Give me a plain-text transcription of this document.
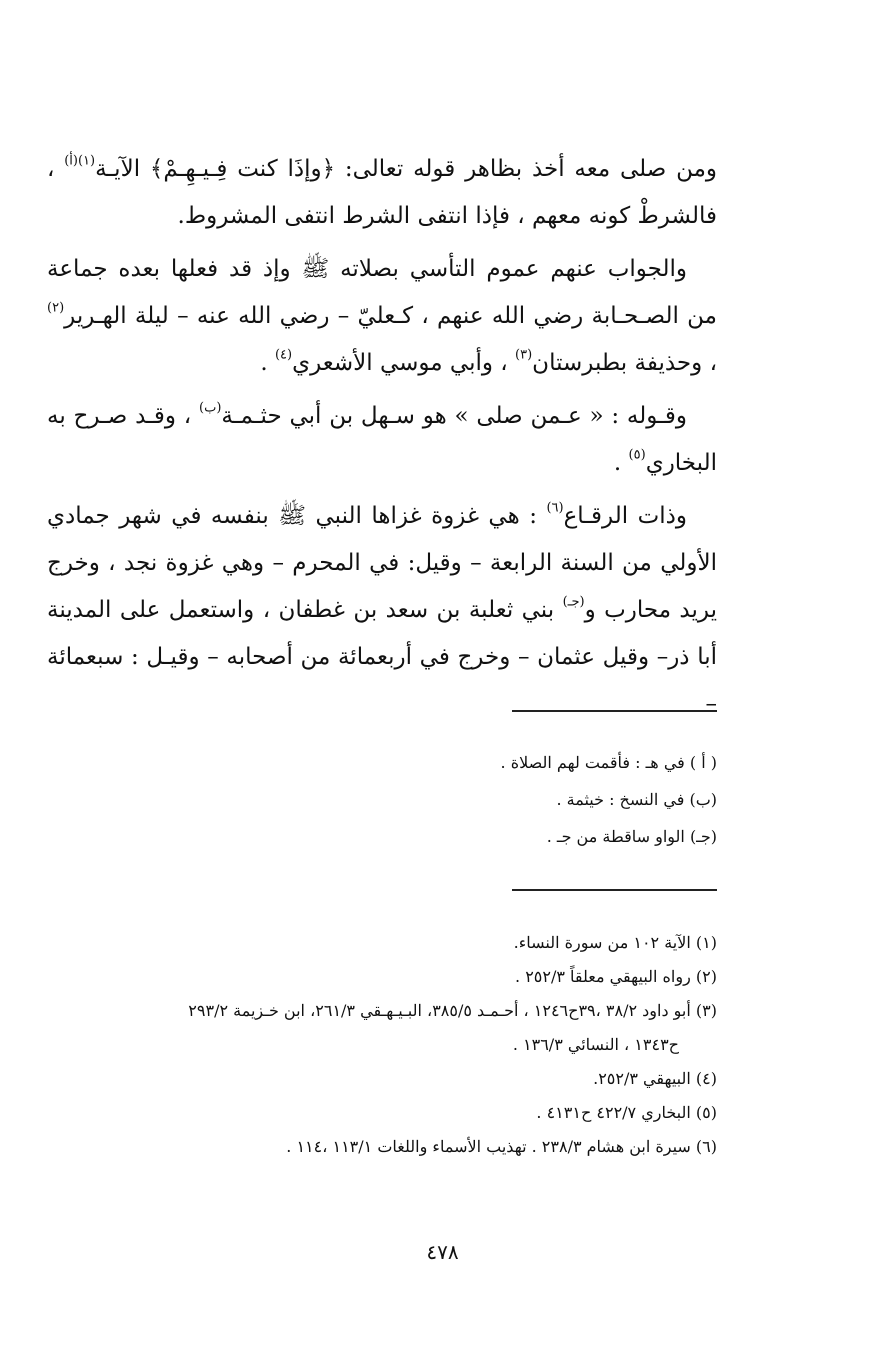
ومن صلى معه أخذ بظاهر قوله تعالى: ﴿وإذَا كنت فِـيـهِـمْ﴾ الآيـة$^{(١)(أ)}$ ، فالشرطْ كونه معهم ، فإذا انتفى الشرط انتفى المشروط.

والجواب عنهم عموم التأسي بصلاته ﷺ وإذ قد فعلها بعده جماعة من الصـحـابة رضي الله عنهم ، كـعليّ – رضي الله عنه – ليلة الهـرير$^{(٢)}$ ، وحذيفة بطبرستان$^{(٣)}$ ، وأبي موسي الأشعري$^{(٤)}$ .

وقـوله : « عـمن صلى » هو سـهل بن أبي حثـمـة$^{(ب)}$ ، وقـد صـرح به البخاري$^{(٥)}$ .

وذات الرقـاع$^{(٦)}$ : هي غزوة غزاها النبي ﷺ بنفسه في شهر جمادي الأولي من السنة الرابعة – وقيل: في المحرم – وهي غزوة نجد ، وخرج يريد محارب و$^{(جـ)}$ بني ثعلبة بن سعد بن غطفان ، واستعمل على المدينة أبا ذر– وقيل عثمان – وخرج في أربعمائة من أصحابه – وقيـل : سبعمائة –

( أ ) في هـ : فأقمت لهم الصلاة .

(ب) في النسخ : خيثمة .

(جـ) الواو ساقطة من جـ .

(١) الآية ١٠٢ من سورة النساء.

(٢) رواه البيهقي معلقاً ٢٥٢/٣ .

(٣) أبو داود ٣٨/٢ ،٣٩ح١٢٤٦ ، أحـمـد ٣٨٥/٥، البـيـهـقي ٢٦١/٣، ابن خـزيمة ٢٩٣/٢

ح١٣٤٣ ، النسائي ١٣٦/٣ .

(٤) البيهقي ٢٥٢/٣.

(٥) البخاري ٤٢٢/٧ ح٤١٣١ .

(٦) سيرة ابن هشام ٢٣٨/٣ . تهذيب الأسماء واللغات ١١٣/١ ،١١٤ .

٤٧٨
